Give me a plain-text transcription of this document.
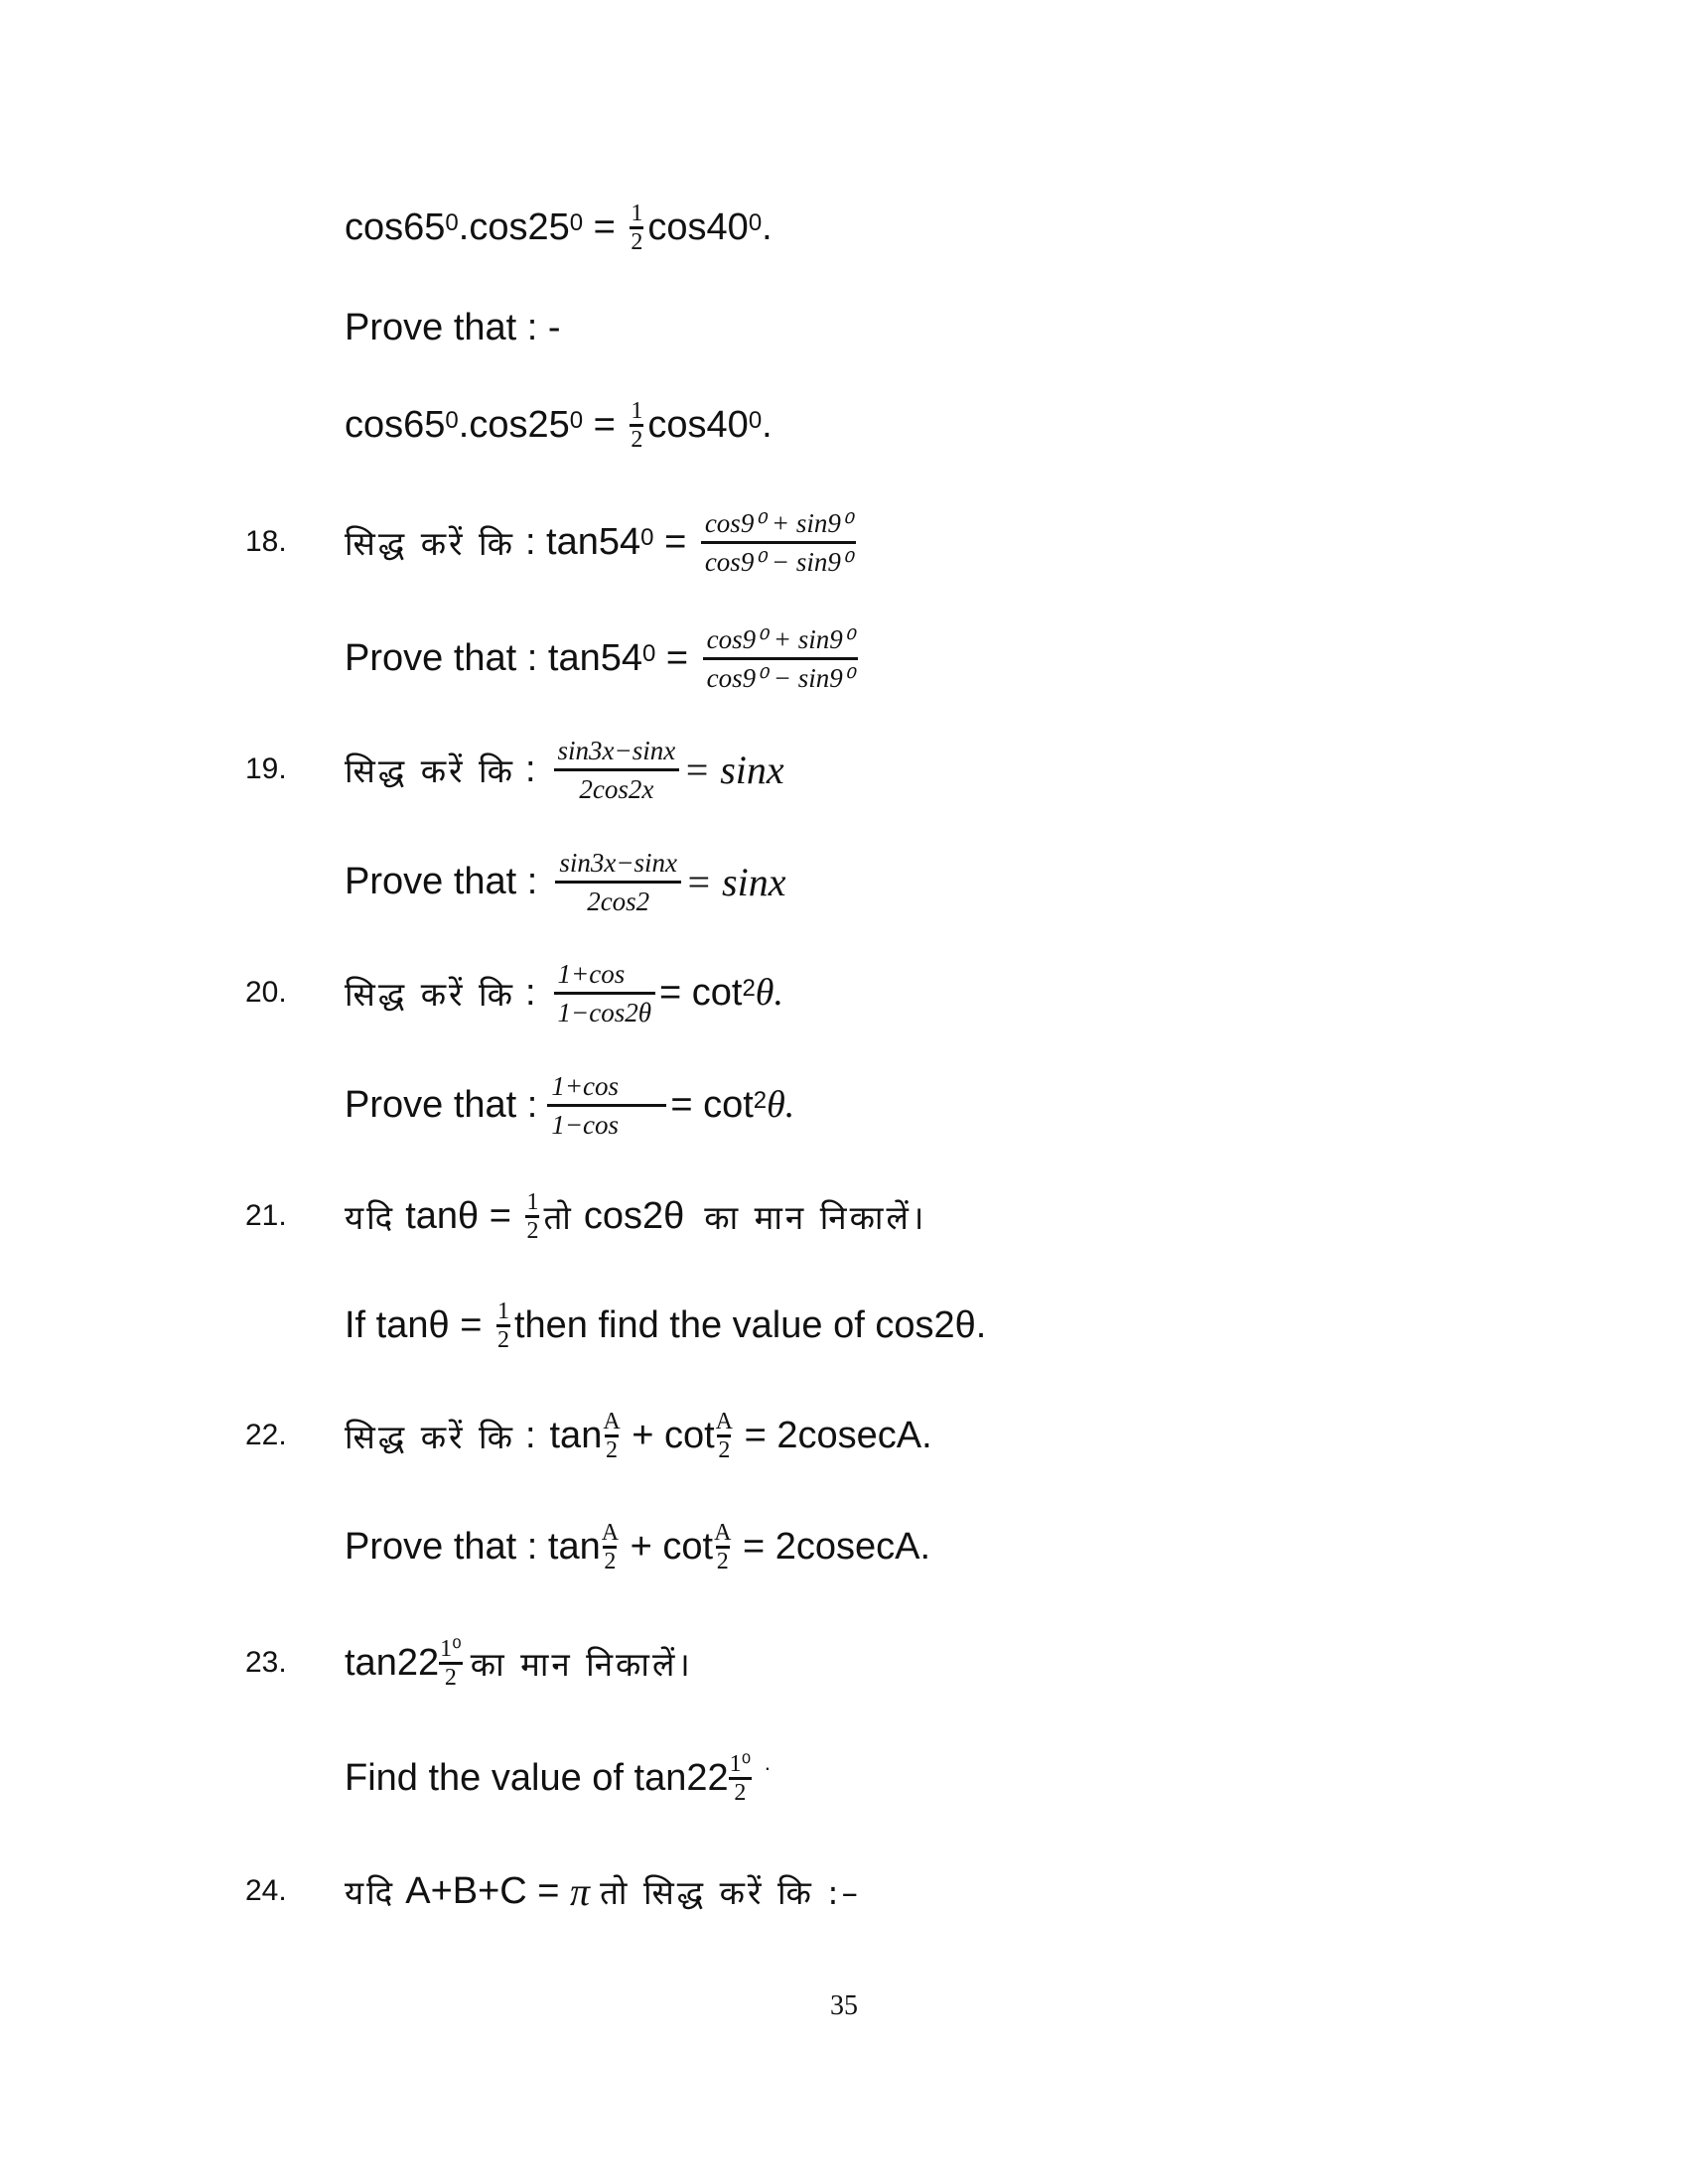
cos65 0 .cos25 $0 = \frac{1}{2} \cos 40$ 0 .
Prove that : -
cos65 0 .cos25 $0 = \frac{1}{2} \cos 40$ 0 .
18. सिद्ध करें कि : tan54 $0 = \frac{\text{cos9⁰ + sin9⁰}}{\text{cos9⁰ − sin9⁰}}$
Prove that : tan54 $0 = \frac{\text{cos9⁰ + sin9⁰}}{\text{cos9⁰ − sin9⁰}}$
19. सिद्ध करें कि : $\frac{\sin 3x-\sin x}{2\cos 2x} = \sin x$
Prove that : $\frac{\sin 3x-\sin x}{2\cos 2} = \sin x$
20. सिद्ध करें कि : $\frac{1+\cos}{1-\cos 2\theta} = \cot 2$ θ.
Prove that : $\frac{1+\cos}{1-\cos} = \cot 2$ θ.
21. यदि $\tan\theta = \frac{1}{2}$ तो cos2θ का मान निकालें।
If $\tan\theta = \frac{1}{2}$ then find the value of cos2θ.
22. सिद्ध करें कि : $\tan \frac{A}{2} + \cot \frac{A}{2} = 2cosecA$.
Prove that : $\tan \frac{A}{2} + \cot \frac{A}{2} = 2cosecA$.
23. $\tan 22 \frac{\text{1⁰}}{2}$ का मान निकालें।
Find the value of $\tan 22 \frac{\text{1⁰}}{2}$ ·
24. यदि A+B+C = π तो सिद्ध करें कि :–
35
